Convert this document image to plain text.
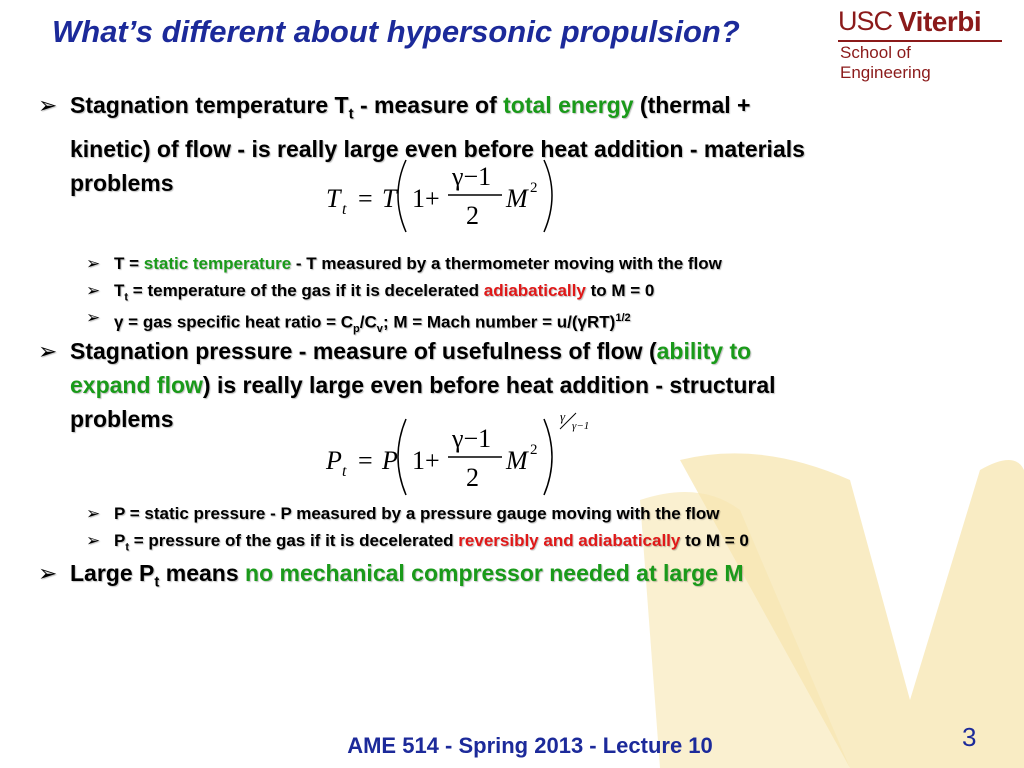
What’s different about hypersonic propulsion?	USC Viterbi
School of Engineering
➢ Stagnation temperature $T_t$ - measure of total energy (thermal +
kinetic) of flow - is really large even before heat addition - materials
problems
T t = T 1+
γ−1
2
M 2
➢ T = static temperature - T measured by a thermometer moving with the flow
➢ $T_t$ = temperature of the gas if it is decelerated adiabatically to M = 0
➢ γ = gas specific heat ratio = $C_p/C_v$; M = Mach number = $u/(\gamma RT)^{1/2}$
➢ Stagnation pressure - measure of usefulness of flow (ability to
expand flow) is really large even before heat addition - structural
problems
P t = P 1+
γ−1
2
M 2
γ
γ−1
➢ P = static pressure - P measured by a pressure gauge moving with the flow
➢ $P_t$ = pressure of the gas if it is decelerated reversibly and adiabatically to M = 0
➢ Large $P_t$ means no mechanical compressor needed at large M
AME 514 - Spring 2013 - Lecture 10	3
